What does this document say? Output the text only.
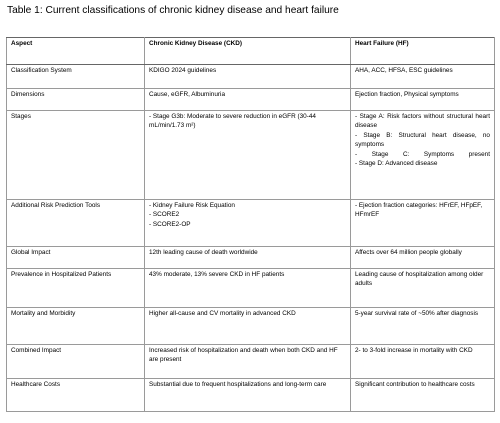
Table 1: Current classifications of chronic kidney disease and heart failure
Aspect	Chronic Kidney Disease (CKD)	Heart Failure (HF)
Classification System	KDIGO 2024 guidelines	AHA, ACC, HFSA, ESC guidelines
Dimensions	Cause, eGFR, Albuminuria	Ejection fraction, Physical symptoms
Stages	- Stage G3b: Moderate to severe reduction in eGFR (30-44 mL/min/1.73 m²)	- Stage A: Risk factors without structural heart disease
- Stage B: Structural heart disease, no symptoms
- Stage C: Symptoms present
- Stage D: Advanced disease

Additional Risk Prediction Tools	- Kidney Failure Risk Equation
- SCORE2
- SCORE2-OP	- Ejection fraction categories: HFrEF, HFpEF, HFmrEF
Global Impact	12th leading cause of death worldwide	Affects over 64 million people globally
Prevalence in Hospitalized Patients	43% moderate, 13% severe CKD in HF patients	Leading cause of hospitalization among older adults
Mortality and Morbidity	Higher all-cause and CV mortality in advanced CKD	5-year survival rate of ~50% after diagnosis
Combined Impact	Increased risk of hospitalization and death when both CKD and HF are present	2- to 3-fold increase in mortality with CKD
Healthcare Costs	Substantial due to frequent hospitalizations and long-term care	Significant contribution to healthcare costs
